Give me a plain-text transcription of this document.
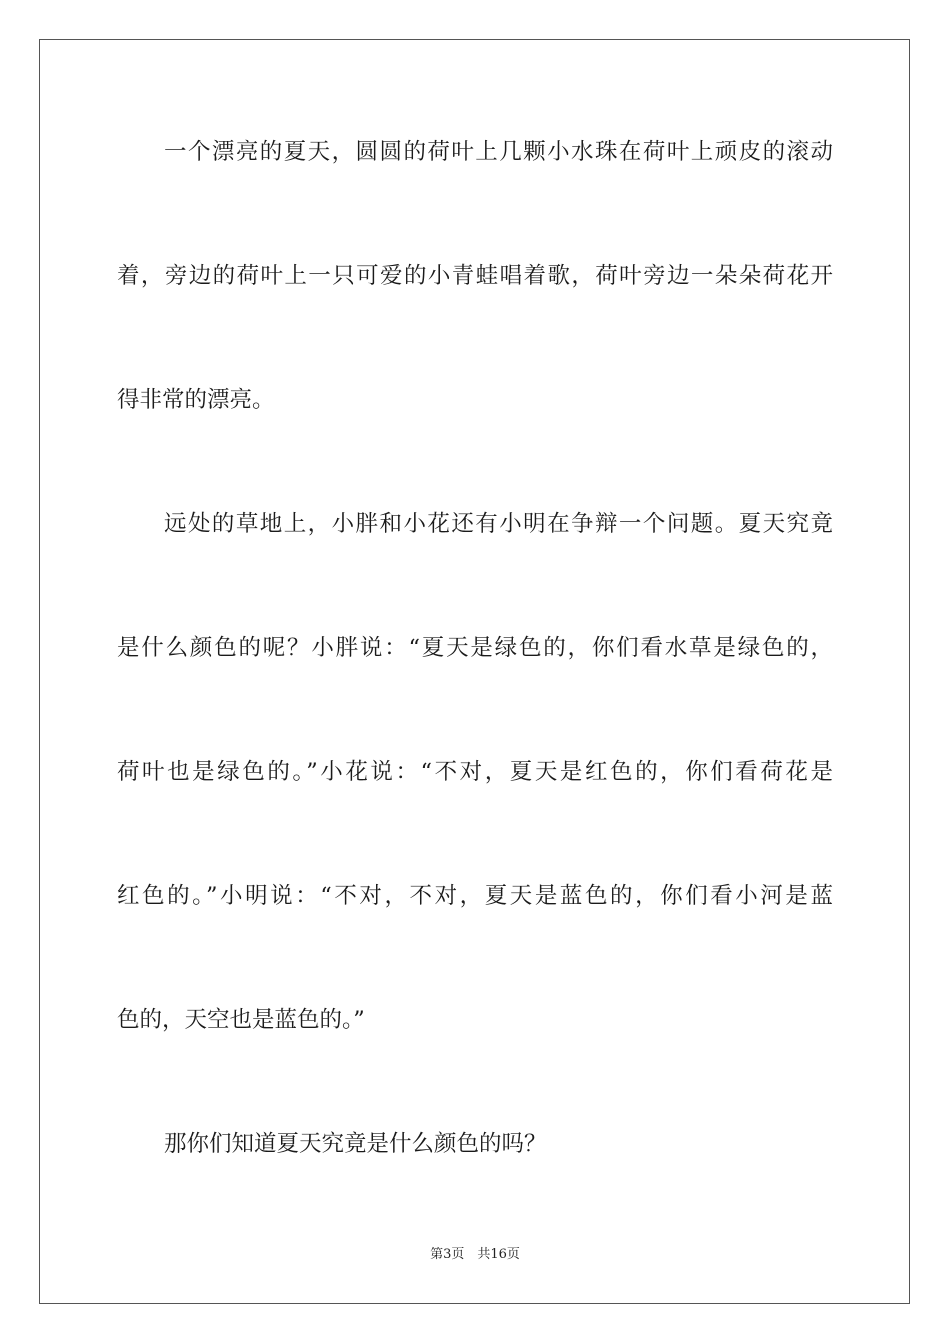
一个漂亮的夏天，圆圆的荷叶上几颗小水珠在荷叶上顽皮的滚动
着，旁边的荷叶上一只可爱的小青蛙唱着歌，荷叶旁边一朵朵荷花开
得非常的漂亮。
远处的草地上，小胖和小花还有小明在争辩一个问题。夏天究竟
是什么颜色的呢？小胖说：“夏天是绿色的，你们看水草是绿色的，
荷叶也是绿色的。”小花说：“不对，夏天是红色的，你们看荷花是
红色的。”小明说：“不对，不对，夏天是蓝色的，你们看小河是蓝
色的，天空也是蓝色的。”
那你们知道夏天究竟是什么颜色的吗？
第3页　共16页
